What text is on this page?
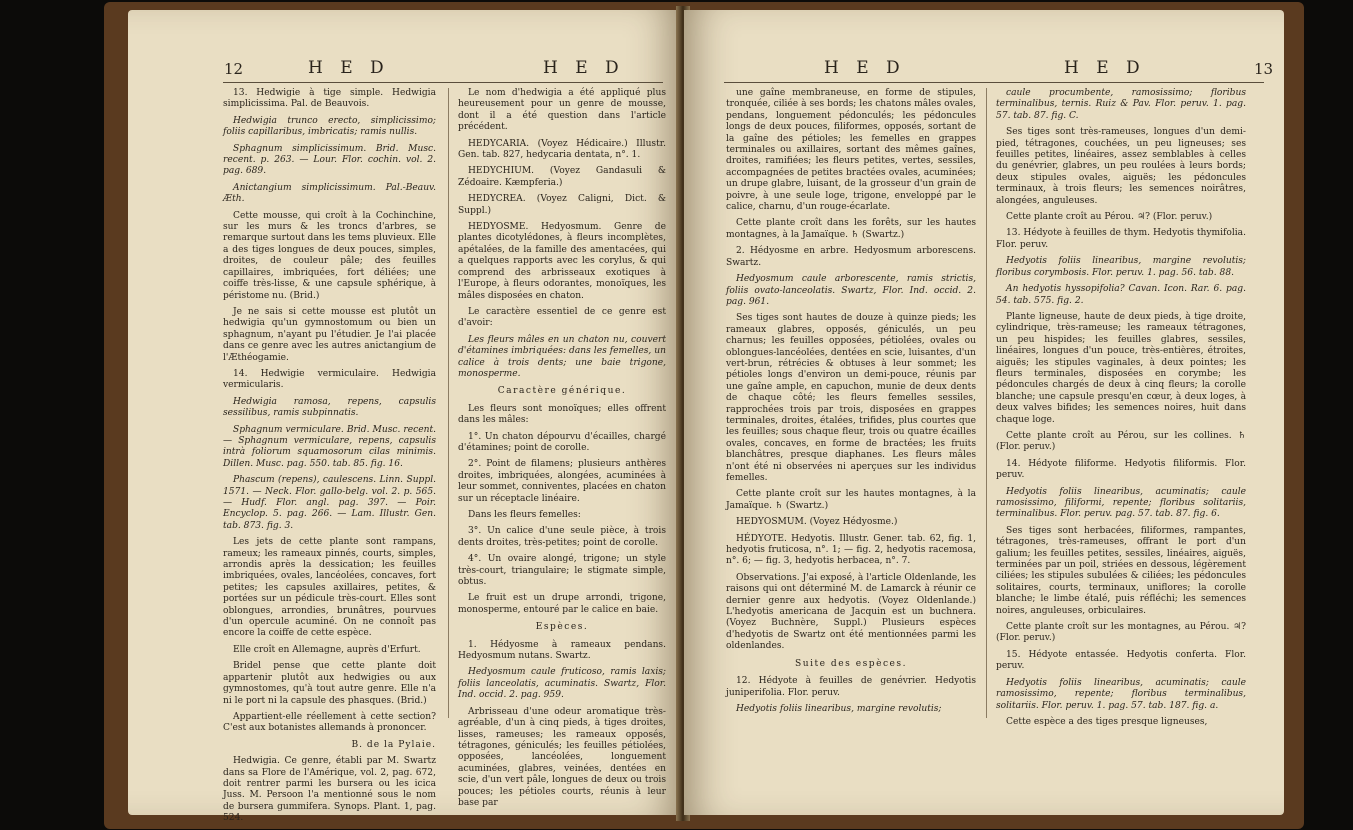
12	H E D	H E D

13. Hedwigie à tige simple. Hedwigia simplicissima. Pal. de Beauvois.

Hedwigia trunco erecto, simplicissimo; foliis capillaribus, imbricatis; ramis nullis.

Sphagnum simplicissimum. Brid. Musc. recent. p. 263. — Lour. Flor. cochin. vol. 2. pag. 689.

Anictangium simplicissimum. Pal.-Beauv. Æth.

Cette mousse, qui croît à la Cochinchine, sur les murs & les troncs d'arbres, se remarque surtout dans les tems pluvieux. Elle a des tiges longues de deux pouces, simples, droites, de couleur pâle; des feuilles capillaires, imbriquées, fort déliées; une coiffe très-lisse, & une capsule sphérique, à péristome nu. (Brid.)

Je ne sais si cette mousse est plutôt un hedwigia qu'un gymnostomum ou bien un sphagnum, n'ayant pu l'étudier. Je l'ai placée dans ce genre avec les autres anictangium de l'Æthéogamie.

14. Hedwigie vermiculaire. Hedwigia vermicularis.

Hedwigia ramosa, repens, capsulis sessilibus, ramis subpinnatis.

Sphagnum vermiculare. Brid. Musc. recent. — Sphagnum vermiculare, repens, capsulis intrà foliorum squamosorum cilas minimis. Dillen. Musc. pag. 550. tab. 85. fig. 16.

Phascum (repens), caulescens. Linn. Suppl. 1571. — Neck. Flor. gallo-belg. vol. 2. p. 565. — Hudf. Flor. angl. pag. 397. — Poir. Encyclop. 5. pag. 266. — Lam. Illustr. Gen. tab. 873. fig. 3.

Les jets de cette plante sont rampans, rameux; les rameaux pinnés, courts, simples, arrondis après la dessication; les feuilles imbriquées, ovales, lancéolées, concaves, fort petites; les capsules axillaires, petites, & portées sur un pédicule très-court. Elles sont oblongues, arrondies, brunâtres, pourvues d'un opercule acuminé. On ne connoît pas encore la coiffe de cette espèce.

Elle croît en Allemagne, auprès d'Erfurt.

Bridel pense que cette plante doit appartenir plutôt aux hedwigies ou aux gymnostomes, qu'à tout autre genre. Elle n'a ni le port ni la capsule des phasques. (Brid.)

Appartient-elle réellement à cette section? C'est aux botanistes allemands à prononcer.

B. de la Pylaie.

Hedwigia. Ce genre, établi par M. Swartz dans sa Flore de l'Amérique, vol. 2, pag. 672, doit rentrer parmi les bursera ou les icica Juss. M. Persoon l'a mentionné sous le nom de bursera gummifera. Synops. Plant. 1, pag. 524.

Le nom d'hedwigia a été appliqué plus heureusement pour un genre de mousse, dont il a été question dans l'article précédent.

HEDYCARIA. (Voyez Hédicaire.) Illustr. Gen. tab. 827, hedycaria dentata, n°. 1.

HEDYCHIUM. (Voyez Gandasuli & Zédoaire. Kæmpferia.)

HEDYCREA. (Voyez Caligni, Dict. & Suppl.)

HEDYOSME. Hedyosmum. Genre de plantes dicotylédones, à fleurs incomplètes, apétalées, de la famille des amentacées, qui a quelques rapports avec les corylus, & qui comprend des arbrisseaux exotiques à l'Europe, à fleurs odorantes, monoïques, les mâles disposées en chaton.

Le caractère essentiel de ce genre est d'avoir:

Les fleurs mâles en un chaton nu, couvert d'étamines imbriquées: dans les femelles, un calice à trois dents; une baie trigone, monosperme.

Caractère générique.

Les fleurs sont monoïques; elles offrent dans les mâles:

1°. Un chaton dépourvu d'écailles, chargé d'étamines; point de corolle.

2°. Point de filamens; plusieurs anthères droites, imbriquées, alongées, acuminées à leur sommet, conniventes, placées en chaton sur un réceptacle linéaire.

Dans les fleurs femelles:

3°. Un calice d'une seule pièce, à trois dents droites, très-petites; point de corolle.

4°. Un ovaire alongé, trigone; un style très-court, triangulaire; le stigmate simple, obtus.

Le fruit est un drupe arrondi, trigone, monosperme, entouré par le calice en baie.

Espèces.

1. Hédyosme à rameaux pendans. Hedyosmum nutans. Swartz.

Hedyosmum caule fruticoso, ramis laxis; foliis lanceolatis, acuminatis. Swartz, Flor. Ind. occid. 2. pag. 959.

Arbrisseau d'une odeur aromatique très-agréable, d'un à cinq pieds, à tiges droites, lisses, rameuses; les rameaux opposés, tétragones, géniculés; les feuilles pétiolées, opposées, lancéolées, longuement acuminées, glabres, veinées, dentées en scie, d'un vert pâle, longues de deux ou trois pouces; les pétioles courts, réunis à leur base par

H E D	H E D	13

une gaîne membraneuse, en forme de stipules, tronquée, ciliée à ses bords; les chatons mâles ovales, pendans, longuement pédonculés; les pédoncules longs de deux pouces, filiformes, opposés, sortant de la gaîne des pétioles; les femelles en grappes terminales ou axillaires, sortant des mêmes gaînes, droites, ramifiées; les fleurs petites, vertes, sessiles, accompagnées de petites bractées ovales, acuminées; un drupe glabre, luisant, de la grosseur d'un grain de poivre, à une seule loge, trigone, enveloppé par le calice, charnu, d'un rouge-écarlate.

Cette plante croît dans les forêts, sur les hautes montagnes, à la Jamaïque. ♄ (Swartz.)

2. Hédyosme en arbre. Hedyosmum arborescens. Swartz.

Hedyosmum caule arborescente, ramis strictis, foliis ovato-lanceolatis. Swartz, Flor. Ind. occid. 2. pag. 961.

Ses tiges sont hautes de douze à quinze pieds; les rameaux glabres, opposés, géniculés, un peu charnus; les feuilles opposées, pétiolées, ovales ou oblongues-lancéolées, dentées en scie, luisantes, d'un vert-brun, rétrécies & obtuses à leur sommet; les pétioles longs d'environ un demi-pouce, réunis par une gaîne ample, en capuchon, munie de deux dents de chaque côté; les fleurs femelles sessiles, rapprochées trois par trois, disposées en grappes terminales, droites, étalées, trifides, plus courtes que les feuilles; sous chaque fleur, trois ou quatre écailles ovales, concaves, en forme de bractées; les fruits blanchâtres, presque diaphanes. Les fleurs mâles n'ont été ni observées ni aperçues sur les individus femelles.

Cette plante croît sur les hautes montagnes, à la Jamaïque. ♄ (Swartz.)

HEDYOSMUM. (Voyez Hédyosme.)

HÉDYOTE. Hedyotis. Illustr. Gener. tab. 62, fig. 1, hedyotis fruticosa, n°. 1; — fig. 2, hedyotis racemosa, n°. 6; — fig. 3, hedyotis herbacea, n°. 7.

Observations. J'ai exposé, à l'article Oldenlande, les raisons qui ont déterminé M. de Lamarck à réunir ce dernier genre aux hedyotis. (Voyez Oldenlande.) L'hedyotis americana de Jacquin est un buchnera. (Voyez Buchnère, Suppl.) Plusieurs espèces d'hedyotis de Swartz ont été mentionnées parmi les oldenlandes.

Suite des espèces.

12. Hédyote à feuilles de genévrier. Hedyotis juniperifolia. Flor. peruv.

Hedyotis foliis linearibus, margine revolutis;

caule procumbente, ramosissimo; floribus terminalibus, ternis. Ruiz & Pav. Flor. peruv. 1. pag. 57. tab. 87. fig. C.

Ses tiges sont très-rameuses, longues d'un demi-pied, tétragones, couchées, un peu ligneuses; ses feuilles petites, linéaires, assez semblables à celles du genévrier, glabres, un peu roulées à leurs bords; deux stipules ovales, aiguës; les pédoncules terminaux, à trois fleurs; les semences noirâtres, alongées, anguleuses.

Cette plante croît au Pérou. ♃? (Flor. peruv.)

13. Hédyote à feuilles de thym. Hedyotis thymifolia. Flor. peruv.

Hedyotis foliis linearibus, margine revolutis; floribus corymbosis. Flor. peruv. 1. pag. 56. tab. 88.

An hedyotis hyssopifolia? Cavan. Icon. Rar. 6. pag. 54. tab. 575. fig. 2.

Plante ligneuse, haute de deux pieds, à tige droite, cylindrique, très-rameuse; les rameaux tétragones, un peu hispides; les feuilles glabres, sessiles, linéaires, longues d'un pouce, très-entières, étroites, aiguës; les stipules vaginales, à deux pointes; les fleurs terminales, disposées en corymbe; les pédoncules chargés de deux à cinq fleurs; la corolle blanche; une capsule presqu'en cœur, à deux loges, à deux valves bifides; les semences noires, huit dans chaque loge.

Cette plante croît au Pérou, sur les collines. ♄ (Flor. peruv.)

14. Hédyote filiforme. Hedyotis filiformis. Flor. peruv.

Hedyotis foliis linearibus, acuminatis; caule ramosissimo, filiformi, repente; floribus solitariis, terminalibus. Flor. peruv. pag. 57. tab. 87. fig. 6.

Ses tiges sont herbacées, filiformes, rampantes, tétragones, très-rameuses, offrant le port d'un galium; les feuilles petites, sessiles, linéaires, aiguës, terminées par un poil, striées en dessous, légèrement ciliées; les stipules subulées & ciliées; les pédoncules solitaires, courts, terminaux, uniflores; la corolle blanche; le limbe étalé, puis réfléchi; les semences noires, anguleuses, orbiculaires.

Cette plante croît sur les montagnes, au Pérou. ♃? (Flor. peruv.)

15. Hédyote entassée. Hedyotis conferta. Flor. peruv.

Hedyotis foliis linearibus, acuminatis; caule ramosissimo, repente; floribus terminalibus, solitariis. Flor. peruv. 1. pag. 57. tab. 187. fig. a.

Cette espèce a des tiges presque ligneuses,
